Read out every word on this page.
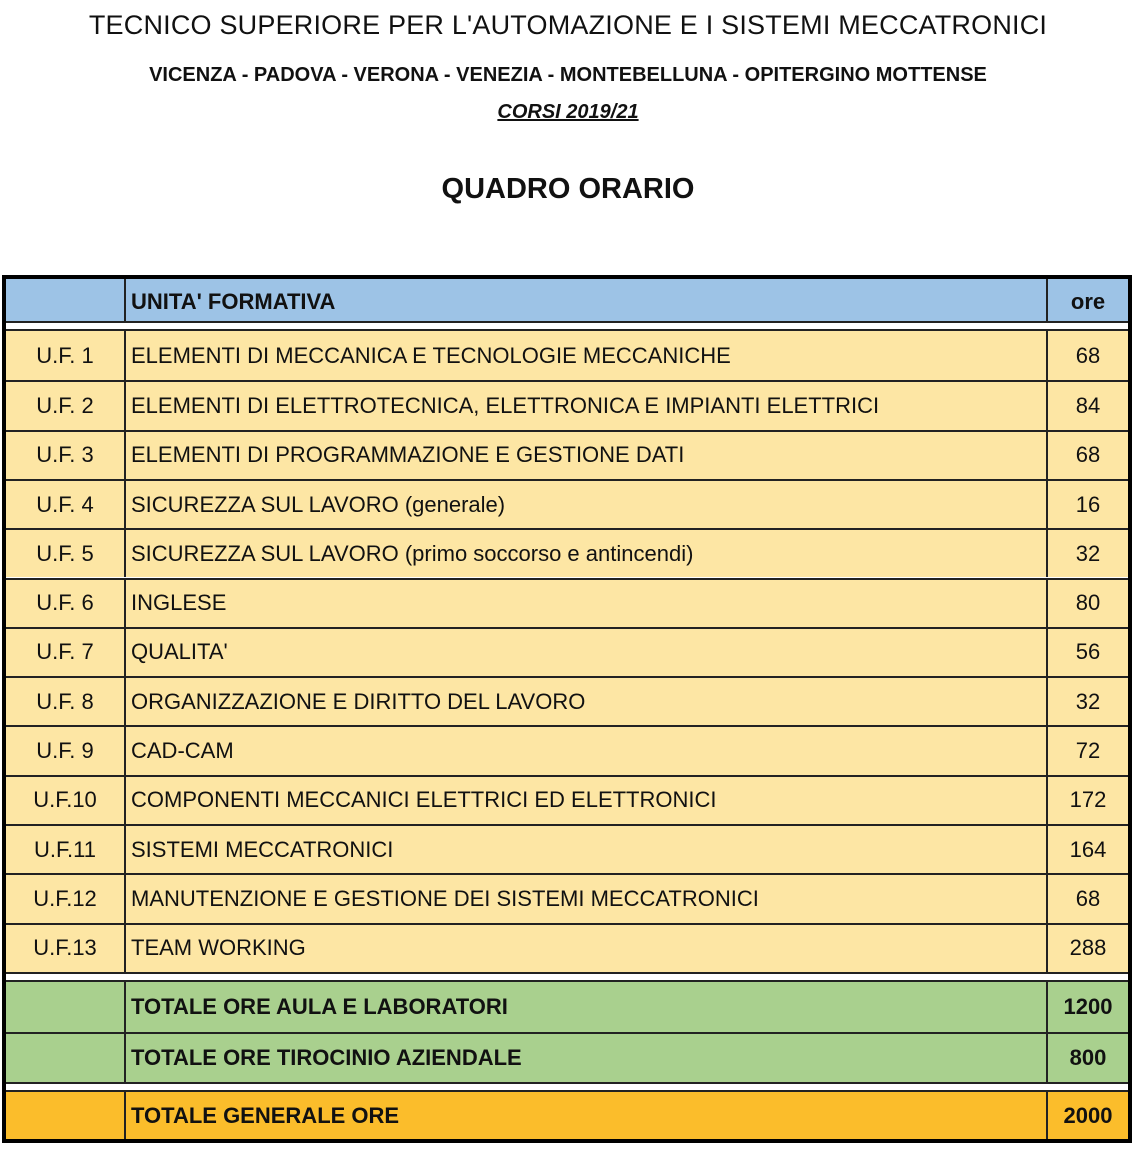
TECNICO SUPERIORE PER L'AUTOMAZIONE E I SISTEMI MECCATRONICI
VICENZA - PADOVA - VERONA - VENEZIA - MONTEBELLUNA - OPITERGINO MOTTENSE
CORSI 2019/21
QUADRO ORARIO
UNITA' FORMATIVA	ore
U.F. 1	ELEMENTI DI MECCANICA E TECNOLOGIE MECCANICHE	68
U.F. 2	ELEMENTI DI ELETTROTECNICA, ELETTRONICA E IMPIANTI ELETTRICI	84
U.F. 3	ELEMENTI DI PROGRAMMAZIONE E GESTIONE DATI	68
U.F. 4	SICUREZZA SUL LAVORO (generale)	16
U.F. 5	SICUREZZA SUL LAVORO (primo soccorso e antincendi)	32
U.F. 6	INGLESE	80
U.F. 7	QUALITA'	56
U.F. 8	ORGANIZZAZIONE E DIRITTO DEL LAVORO	32
U.F. 9	CAD-CAM	72
U.F.10	COMPONENTI MECCANICI ELETTRICI ED ELETTRONICI	172
U.F.11	SISTEMI MECCATRONICI	164
U.F.12	MANUTENZIONE E GESTIONE DEI SISTEMI MECCATRONICI	68
U.F.13	TEAM WORKING	288
TOTALE ORE AULA E LABORATORI	1200
TOTALE ORE TIROCINIO AZIENDALE	800
TOTALE GENERALE ORE	2000
